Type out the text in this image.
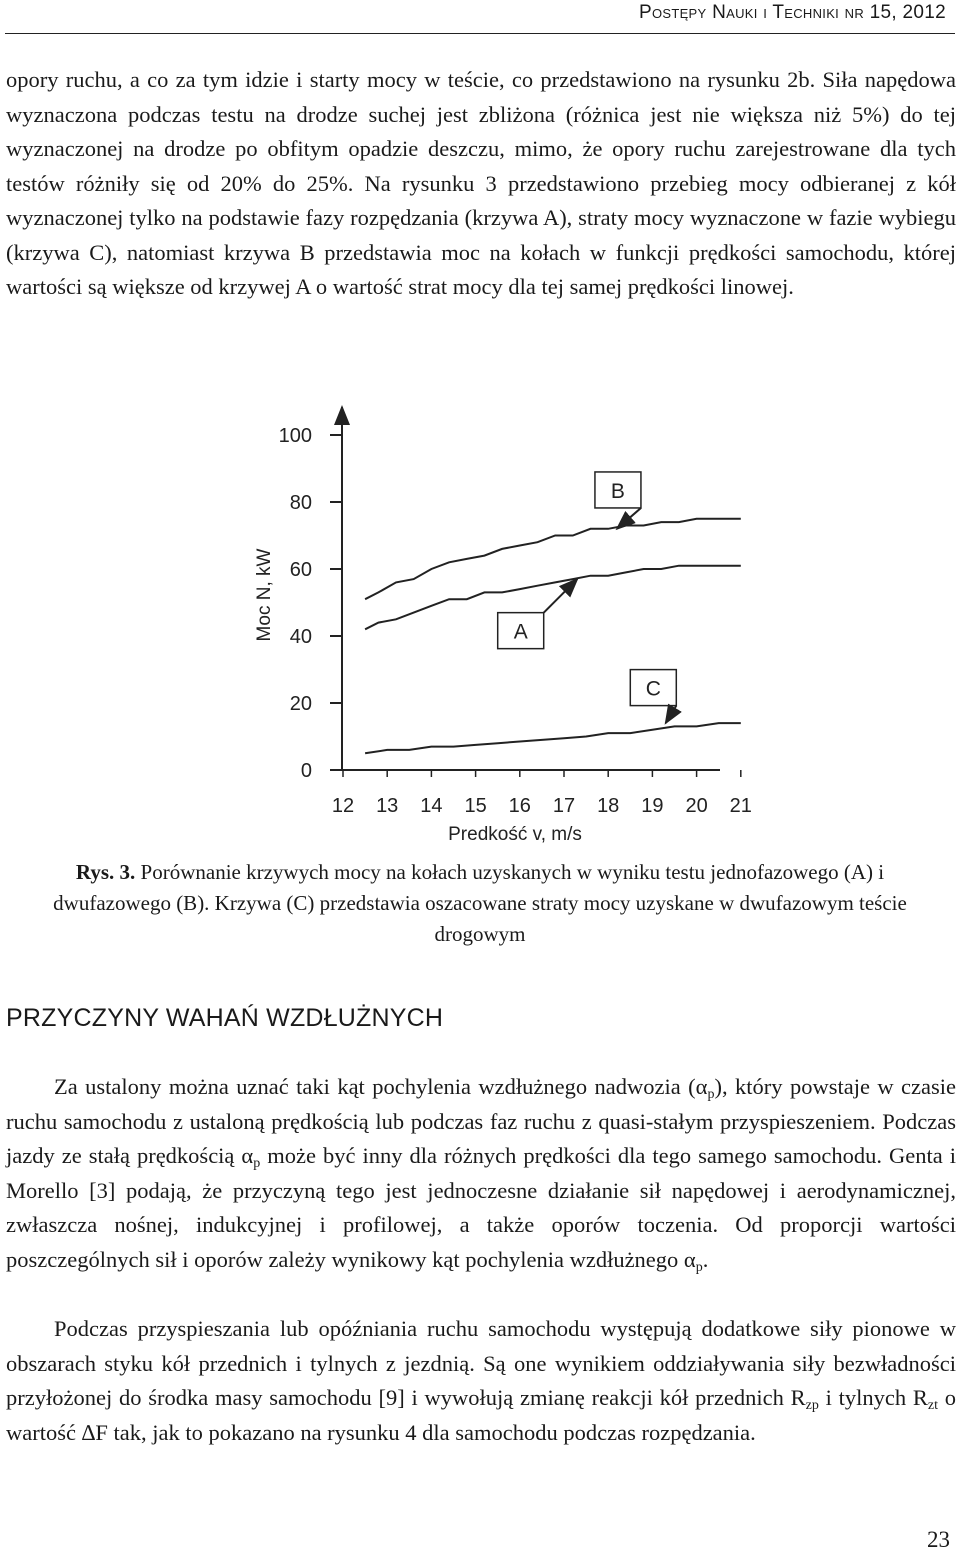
Postępy Nauki i Techniki nr 15, 2012

opory ruchu, a co za tym idzie i starty mocy w teście, co przedstawiono na rysunku 2b. Siła napędowa wyznaczona podczas testu na drodze suchej jest zbliżona (różnica jest nie większa niż 5%) do tej wyznaczonej na drodze po obfitym opadzie deszczu, mimo, że opory ruchu zarejestrowane dla tych testów różniły się od 20% do 25%. Na rysunku 3 przedstawiono przebieg mocy odbieranej z kół wyznaczonej tylko na podstawie fazy rozpędzania (krzywa A), straty mocy wyznaczone w fazie wybiegu (krzywa C), natomiast krzywa B przedstawia moc na kołach w funkcji prędkości samochodu, której wartości są większe od krzywej A o wartość strat mocy dla tej samej prędkości linowej.

0
20
40
60
80
100
12 13 14 15 16 17 18 19 20 21
B
A
C
Moc N, kW
Predkość v, m/s

Rys. 3. Porównanie krzywych mocy na kołach uzyskanych w wyniku testu jednofazowego (A) i dwufazowego (B). Krzywa (C) przedstawia oszacowane straty mocy uzyskane w dwufazowym teście drogowym

PRZYCZYNY WAHAŃ WZDŁUŻNYCH

Za ustalony można uznać taki kąt pochylenia wzdłużnego nadwozia $(\alpha_p)$, który powstaje w czasie ruchu samochodu z ustaloną prędkością lub podczas faz ruchu z quasi-stałym przyspieszeniem. Podczas jazdy ze stałą prędkością $\alpha_p$ może być inny dla różnych prędkości dla tego samego samochodu. Genta i Morello [3] podają, że przyczyną tego jest jednoczesne działanie sił napędowej i aerodynamicznej, zwłaszcza nośnej, indukcyjnej i profilowej, a także oporów toczenia. Od proporcji wartości poszczególnych sił i oporów zależy wynikowy kąt pochylenia wzdłużnego $\alpha_p$.

Podczas przyspieszania lub opóźniania ruchu samochodu występują dodatkowe siły pionowe w obszarach styku kół przednich i tylnych z jezdnią. Są one wynikiem oddziaływania siły bezwładności przyłożonej do środka masy samochodu [9] i wywołują zmianę reakcji kół przednich $R_{zp}$ i tylnych $R_{zt}$ o wartość ∆F tak, jak to pokazano na rysunku 4 dla samochodu podczas rozpędzania.

23
